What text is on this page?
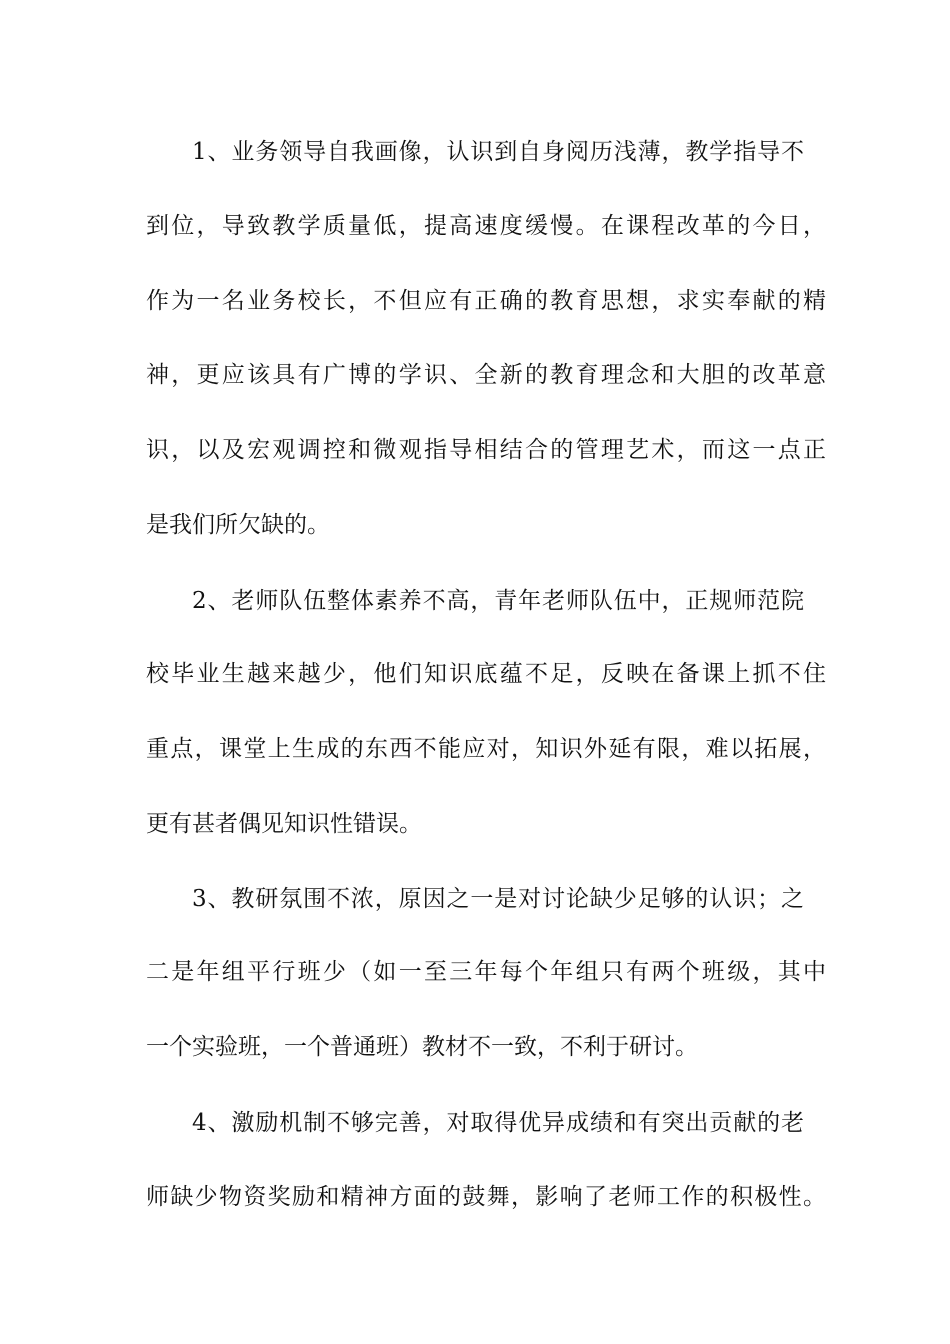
1、业务领导自我画像，认识到自身阅历浅薄，教学指导不
到位，导致教学质量低，提高速度缓慢。在课程改革的今日，
作为一名业务校长，不但应有正确的教育思想，求实奉献的精
神，更应该具有广博的学识、全新的教育理念和大胆的改革意
识，以及宏观调控和微观指导相结合的管理艺术，而这一点正
是我们所欠缺的。
2、老师队伍整体素养不高，青年老师队伍中，正规师范院
校毕业生越来越少，他们知识底蕴不足，反映在备课上抓不住
重点，课堂上生成的东西不能应对，知识外延有限，难以拓展，
更有甚者偶见知识性错误。
3、教研氛围不浓，原因之一是对讨论缺少足够的认识；之
二是年组平行班少（如一至三年每个年组只有两个班级，其中
一个实验班，一个普通班）教材不一致，不利于研讨。
4、激励机制不够完善，对取得优异成绩和有突出贡献的老
师缺少物资奖励和精神方面的鼓舞，影响了老师工作的积极性。
